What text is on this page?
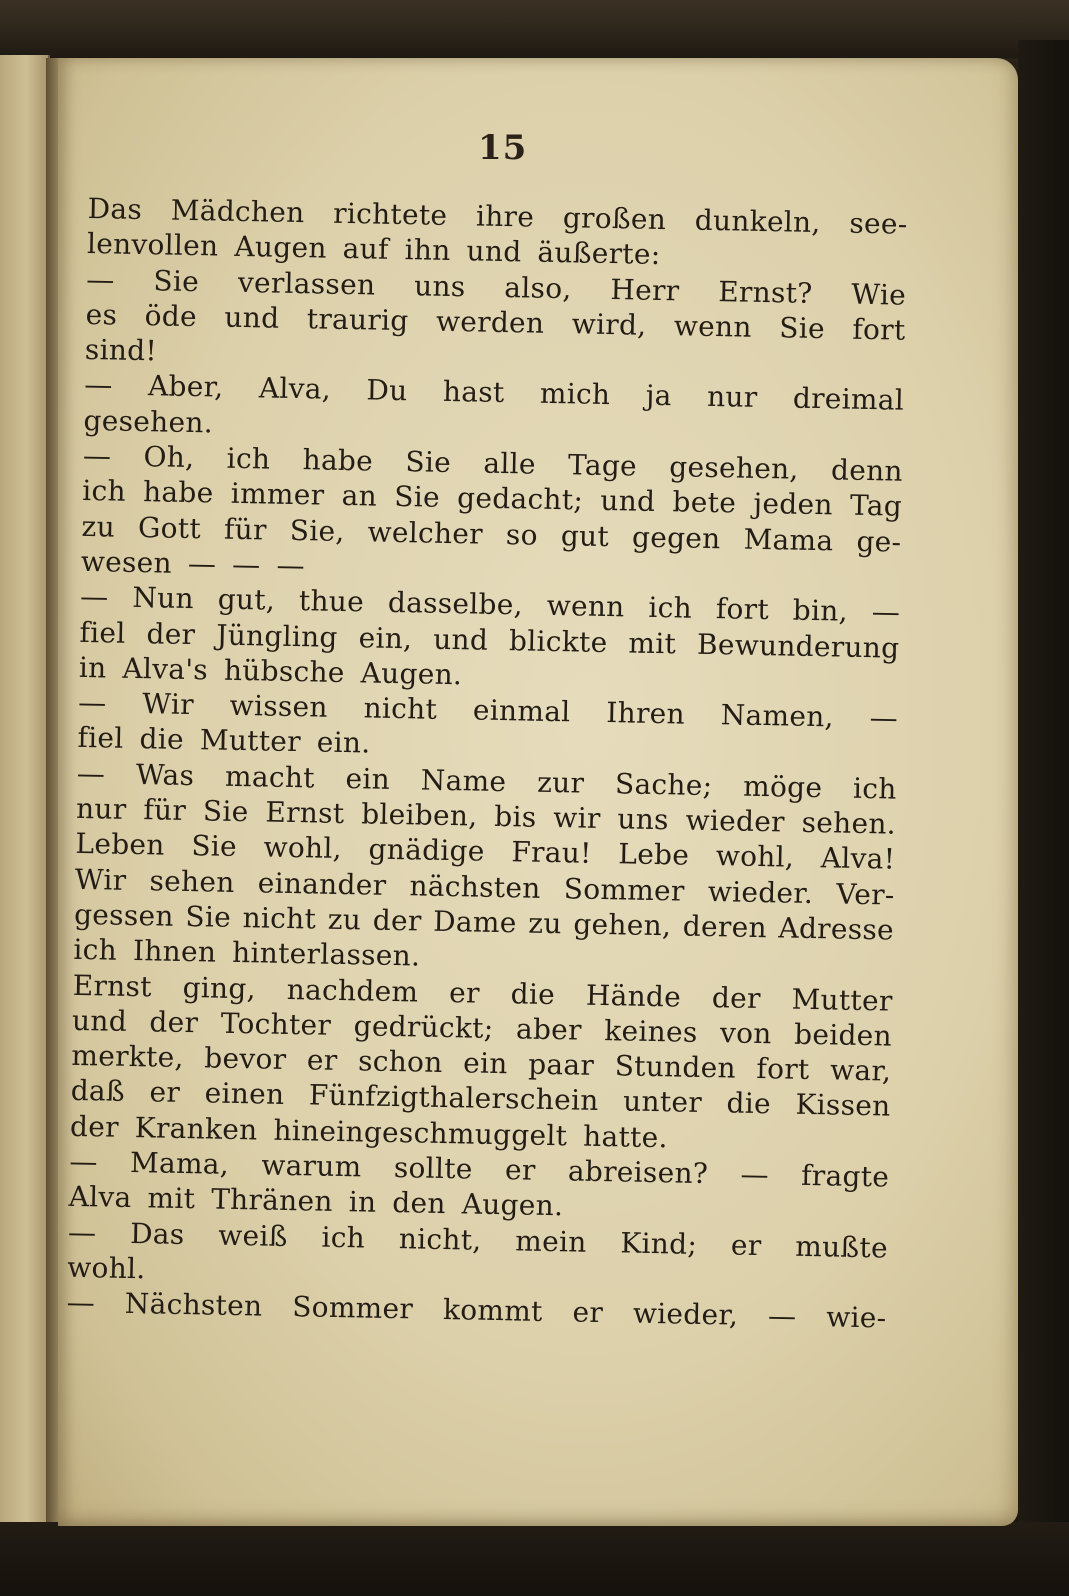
15
Das Mädchen richtete ihre großen dunkeln, see-
lenvollen Augen auf ihn und äußerte:
— Sie verlassen uns also, Herr Ernst? Wie
es öde und traurig werden wird, wenn Sie fort
sind!
— Aber, Alva, Du hast mich ja nur dreimal
gesehen.
— Oh, ich habe Sie alle Tage gesehen, denn
ich habe immer an Sie gedacht; und bete jeden Tag
zu Gott für Sie, welcher so gut gegen Mama ge-
wesen — — —
— Nun gut, thue dasselbe, wenn ich fort bin, —
fiel der Jüngling ein, und blickte mit Bewunderung
in Alva's hübsche Augen.
— Wir wissen nicht einmal Ihren Namen, —
fiel die Mutter ein.
— Was macht ein Name zur Sache; möge ich
nur für Sie Ernst bleiben, bis wir uns wieder sehen.
Leben Sie wohl, gnädige Frau! Lebe wohl, Alva!
Wir sehen einander nächsten Sommer wieder. Ver-
gessen Sie nicht zu der Dame zu gehen, deren Adresse
ich Ihnen hinterlassen.
Ernst ging, nachdem er die Hände der Mutter
und der Tochter gedrückt; aber keines von beiden
merkte, bevor er schon ein paar Stunden fort war,
daß er einen Fünfzigthalerschein unter die Kissen
der Kranken hineingeschmuggelt hatte.
— Mama, warum sollte er abreisen? — fragte
Alva mit Thränen in den Augen.
— Das weiß ich nicht, mein Kind; er mußte
wohl.
— Nächsten Sommer kommt er wieder, — wie-
